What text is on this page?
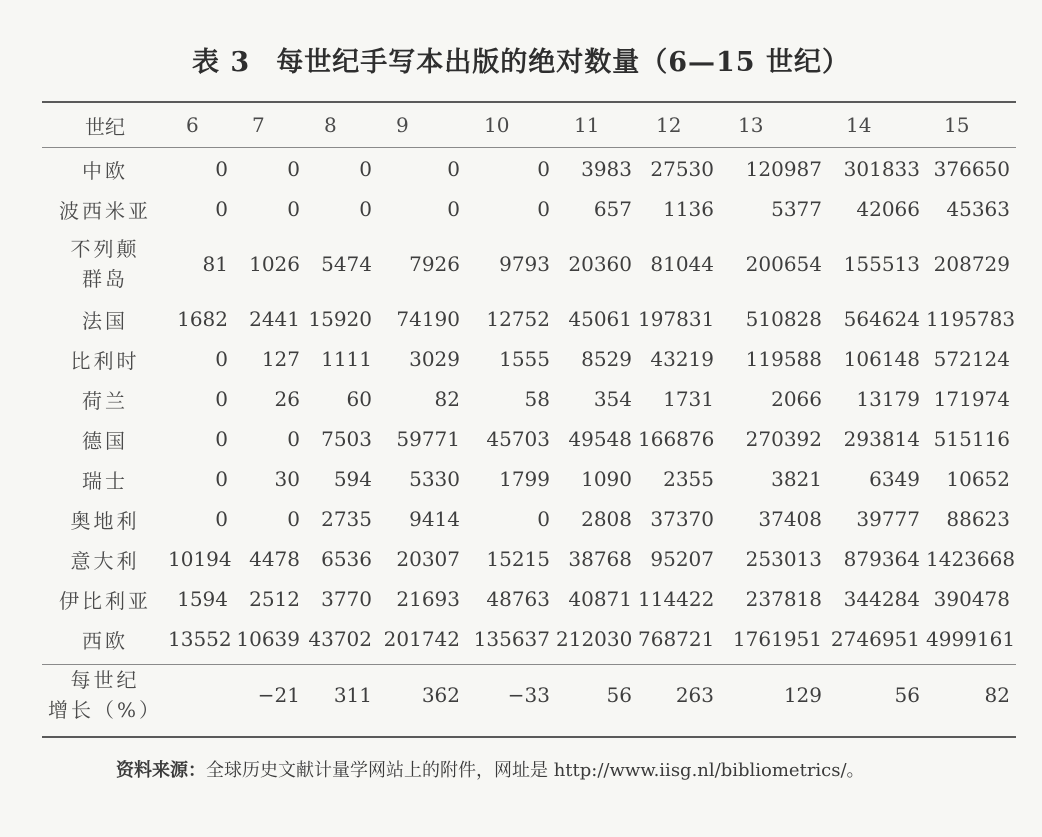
表 3 每世纪手写本出版的绝对数量（6—15 世纪）
世纪	6	7	8	9	10	11	12	13	14	15
中欧	0	0	0	0	0	3983	27530	120987	301833	376650
波西米亚	0	0	0	0	0	657	1136	5377	42066	45363

不列颠
群岛	81	1026	5474	7926	9793	20360	81044	200654	155513	208729
法国	1682	2441	15920	74190	12752	45061	197831	510828	564624	1195783
比利时	0	127	1111	3029	1555	8529	43219	119588	106148	572124
荷兰	0	26	60	82	58	354	1731	2066	13179	171974
德国	0	0	7503	59771	45703	49548	166876	270392	293814	515116
瑞士	0	30	594	5330	1799	1090	2355	3821	6349	10652
奥地利	0	0	2735	9414	0	2808	37370	37408	39777	88623
意大利	10194	4478	6536	20307	15215	38768	95207	253013	879364	1423668
伊比利亚	1594	2512	3770	21693	48763	40871	114422	237818	344284	390478
西欧	13552	10639	43702	201742	135637	212030	768721	1761951	2746951	4999161

每世纪
增长（%）		−21	311	362	−33	56	263	129	56	82
资料来源：全球历史文献计量学网站上的附件，网址是 http://www.iisg.nl/bibliometrics/。
